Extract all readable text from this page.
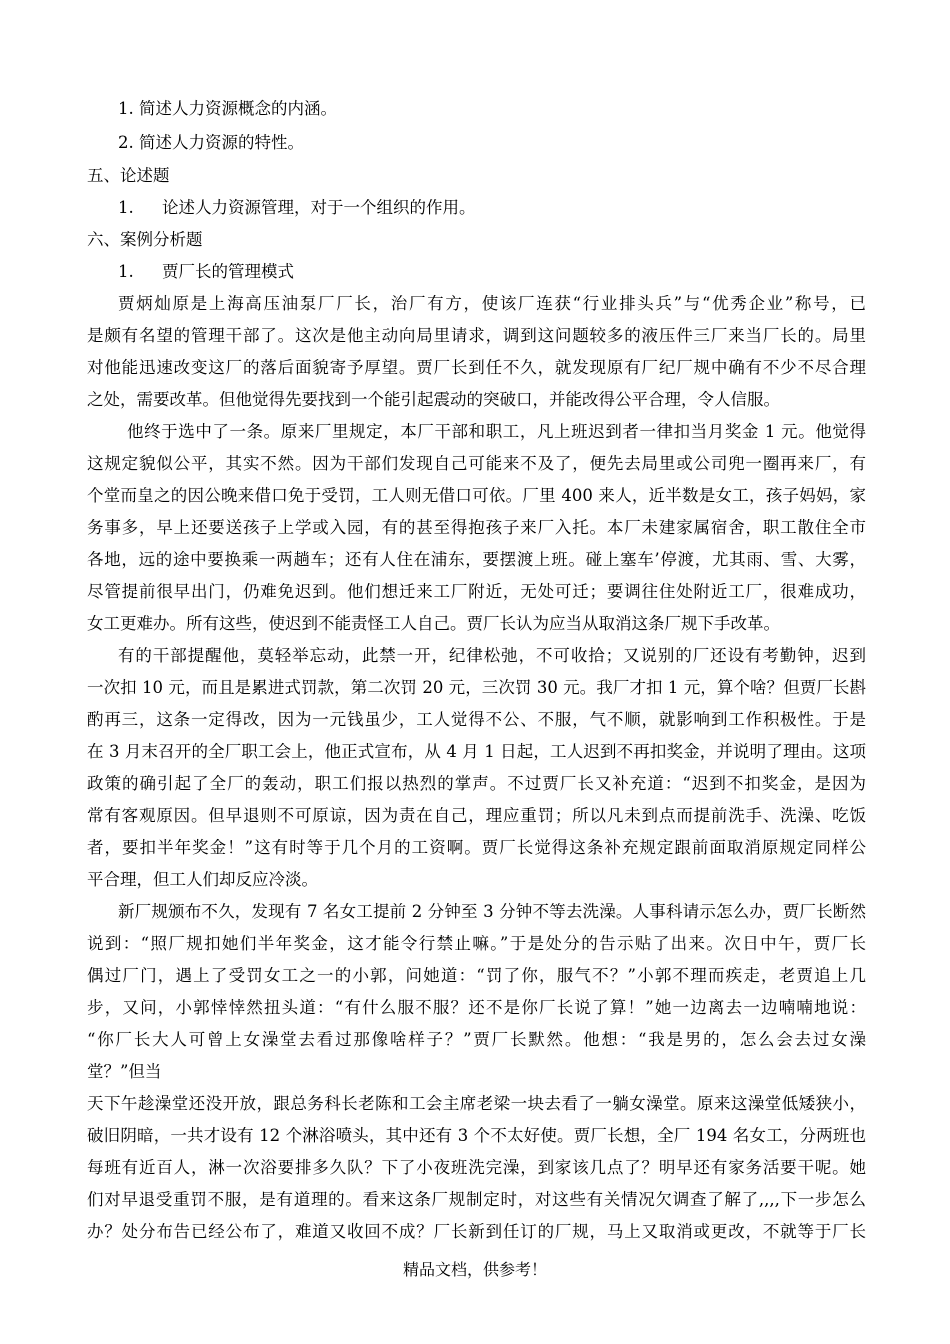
1. 简述人力资源概念的内涵。
2. 简述人力资源的特性。
五、论述题
1. 论述人力资源管理，对于一个组织的作用。
六、案例分析题
1. 贾厂长的管理模式
贾炳灿原是上海高压油泵厂厂长，治厂有方，使该厂连获“行业排头兵”与“优秀企业”称号，已
是颇有名望的管理干部了。这次是他主动向局里请求，调到这问题较多的液压件三厂来当厂长的。局里
对他能迅速改变这厂的落后面貌寄予厚望。贾厂长到任不久，就发现原有厂纪厂规中确有不少不尽合理
之处，需要改革。但他觉得先要找到一个能引起震动的突破口，并能改得公平合理，令人信服。
他终于选中了一条。原来厂里规定，本厂干部和职工，凡上班迟到者一律扣当月奖金 1 元。他觉得
这规定貌似公平，其实不然。因为干部们发现自己可能来不及了，便先去局里或公司兜一圈再来厂，有
个堂而皇之的因公晚来借口免于受罚，工人则无借口可依。厂里 400 来人，近半数是女工，孩子妈妈，家
务事多，早上还要送孩子上学或入园，有的甚至得抱孩子来厂入托。本厂未建家属宿舍，职工散住全市
各地，远的途中要换乘一两趟车；还有人住在浦东，要摆渡上班。碰上塞车’停渡，尤其雨、雪、大雾，
尽管提前很早出门，仍难免迟到。他们想迁来工厂附近，无处可迁；要调往住处附近工厂，很难成功，
女工更难办。所有这些，使迟到不能责怪工人自己。贾厂长认为应当从取消这条厂规下手改革。
有的干部提醒他，莫轻举忘动，此禁一开，纪律松弛，不可收拾；又说别的厂还设有考勤钟，迟到
一次扣 10 元，而且是累进式罚款，第二次罚 20 元，三次罚 30 元。我厂才扣 1 元，算个啥？但贾厂长斟
酌再三，这条一定得改，因为一元钱虽少，工人觉得不公、不服，气不顺，就影响到工作积极性。于是
在 3 月末召开的全厂职工会上，他正式宣布，从 4 月 1 日起，工人迟到不再扣奖金，并说明了理由。这项
政策的确引起了全厂的轰动，职工们报以热烈的掌声。不过贾厂长又补充道：“迟到不扣奖金，是因为
常有客观原因。但早退则不可原谅，因为责在自己，理应重罚；所以凡未到点而提前洗手、洗澡、吃饭
者，要扣半年奖金！”这有时等于几个月的工资啊。贾厂长觉得这条补充规定跟前面取消原规定同样公
平合理，但工人们却反应冷淡。
新厂规颁布不久，发现有 7 名女工提前 2 分钟至 3 分钟不等去洗澡。人事科请示怎么办，贾厂长断然
说到：“照厂规扣她们半年奖金，这才能令行禁止嘛。”于是处分的告示贴了出来。次日中午，贾厂长
偶过厂门，遇上了受罚女工之一的小郭，问她道：“罚了你，服气不？”小郭不理而疾走，老贾追上几
步，又问，小郭悻悻然扭头道：“有什么服不服？还不是你厂长说了算！”她一边离去一边喃喃地说：
“你厂长大人可曾上女澡堂去看过那像啥样子？”贾厂长默然。他想：“我是男的，怎么会去过女澡
堂？”但当
天下午趁澡堂还没开放，跟总务科长老陈和工会主席老梁一块去看了一躺女澡堂。原来这澡堂低矮狭小，
破旧阴暗，一共才设有 12 个淋浴喷头，其中还有 3 个不太好使。贾厂长想，全厂 194 名女工，分两班也
每班有近百人，淋一次浴要排多久队？下了小夜班洗完澡，到家该几点了？明早还有家务活要干呢。她
们对早退受重罚不服，是有道理的。看来这条厂规制定时，对这些有关情况欠调查了解了,,,,下一步怎么
办？处分布告已经公布了，难道又收回不成？厂长新到任订的厂规，马上又取消或更改，不就等于厂长
精品文档，供参考！
